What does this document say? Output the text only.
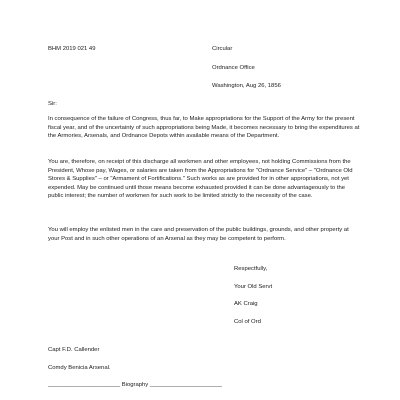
BHM 2019 021 49	Circular
Ordnance Office
Washington, Aug 26, 1856
Sir:
In consequence of the failure of Congress, thus far, to Make appropriations for the Support of the Army for the present fiscal year, and of the uncertainty of such appropriations being Made, it becomes necessary to bring the expenditures at the Armories, Arsenals, and Ordnance Depots within available means of the Department.
You are, therefore, on receipt of this discharge all workmen and other employees, not holding Commissions from the President, Whose pay, Wages, or salaries are taken from the Appropriations for "Ordnance Service" – "Ordnance Old Stores & Supplies" – or "Armament of Fortifications." Such works as are provided for in other appropriations, not yet expended. May be continued until those means become exhausted provided it can be done advantageously to the public interest; the number of workmen for such work to be limited strictly to the necessity of the case.
You will employ the enlisted men in the care and preservation of the public buildings, grounds, and other property at your Post and in such other operations of an Arsenal as they may be competent to perform.
Respectfully,
Your Old Servt
AK Craig
Col of Ord
Capt F.D. Callender
Comdy Benicia Arsenal.
______________________ Biography ______________________
